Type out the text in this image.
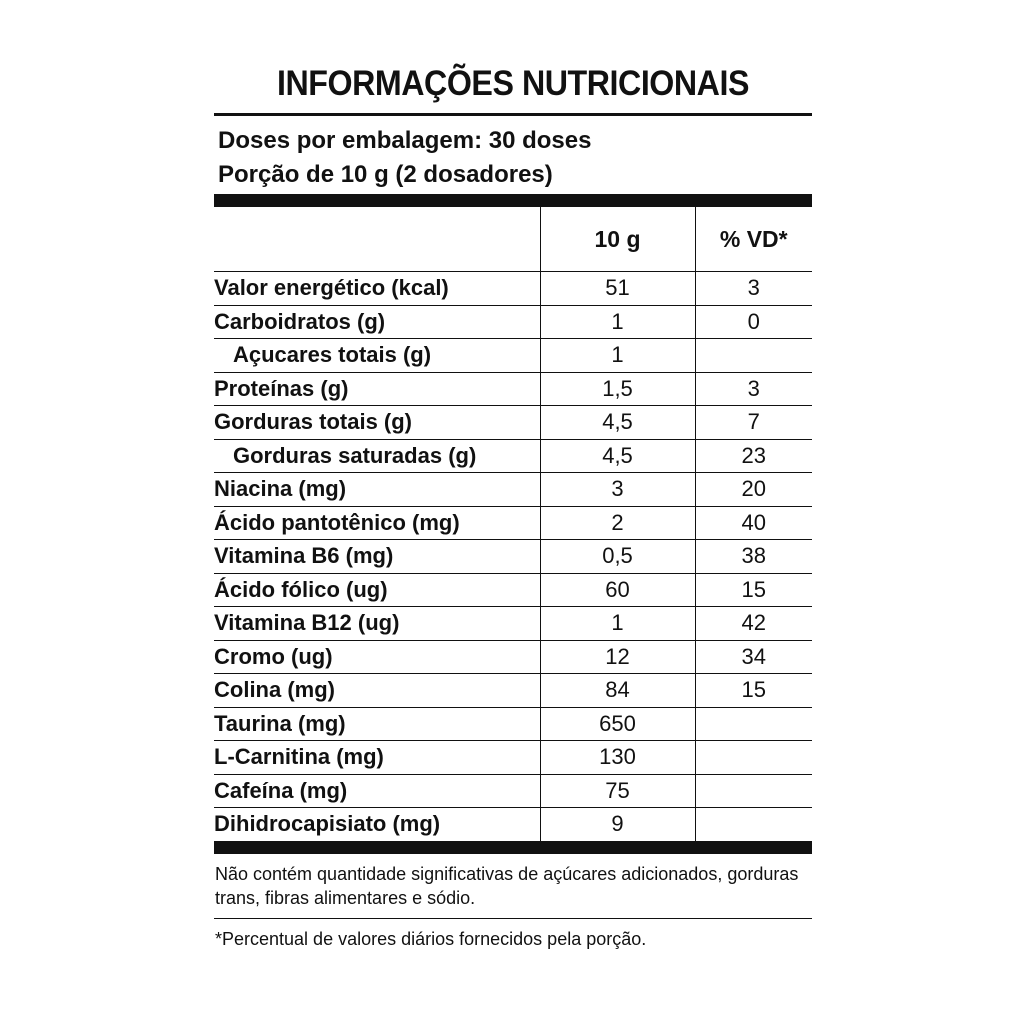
INFORMAÇÕES NUTRICIONAIS
Doses por embalagem: 30 doses
Porção de 10 g (2 dosadores)
	10 g	% VD*
Valor energético (kcal)	51	3
Carboidratos (g)	1	0
Açucares totais (g)	1	
Proteínas (g)	1,5	3
Gorduras totais (g)	4,5	7
Gorduras saturadas (g)	4,5	23
Niacina (mg)	3	20
Ácido pantotênico (mg)	2	40
Vitamina B6 (mg)	0,5	38
Ácido fólico (ug)	60	15
Vitamina B12 (ug)	1	42
Cromo (ug)	12	34
Colina (mg)	84	15
Taurina (mg)	650	
L-Carnitina (mg)	130	
Cafeína (mg)	75	
Dihidrocapisiato (mg)	9	
Não contém quantidade significativas de açúcares adicionados, gorduras trans, fibras alimentares e sódio.
*Percentual de valores diários fornecidos pela porção.
